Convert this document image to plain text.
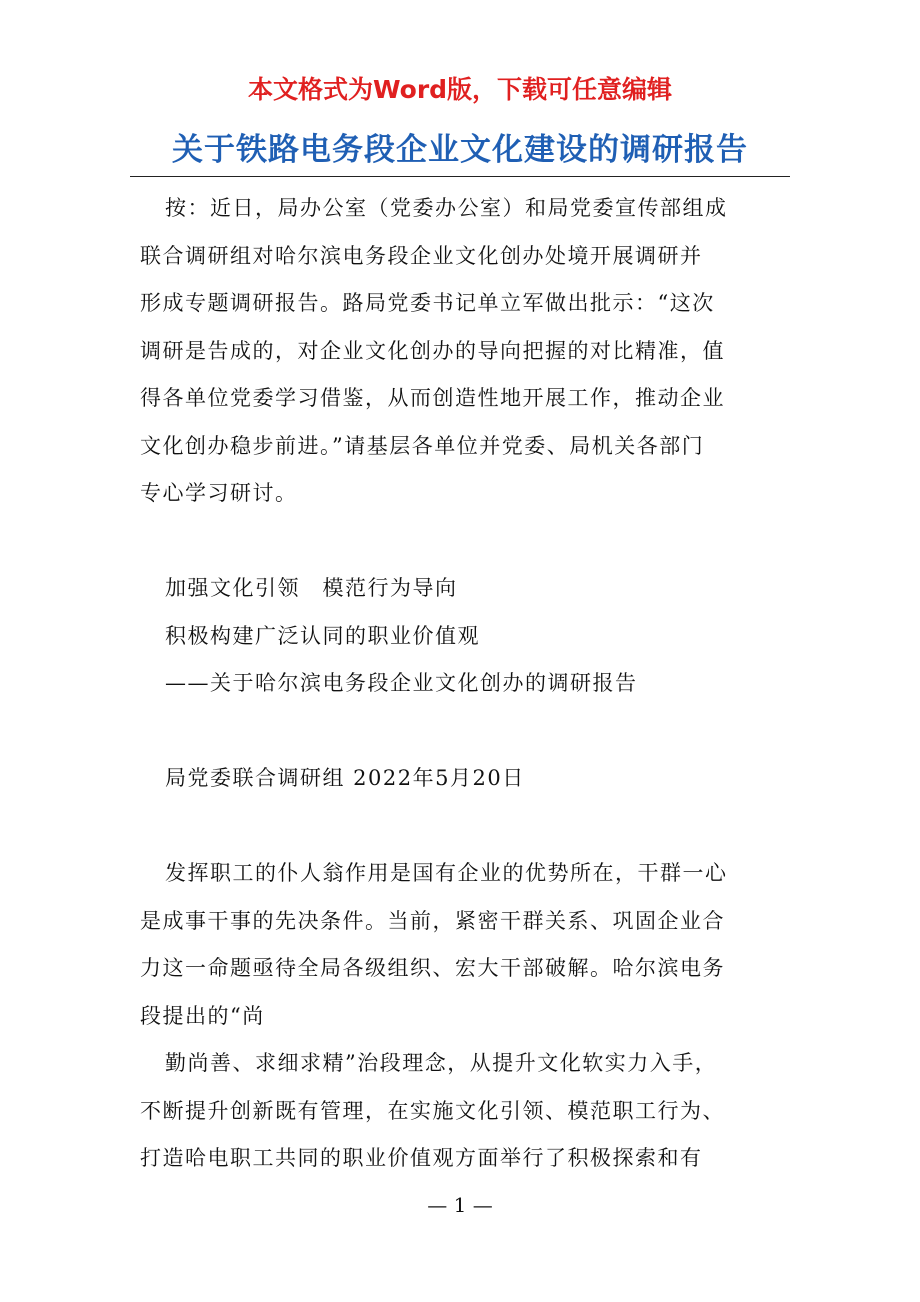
本文格式为Word版，下载可任意编辑
关于铁路电务段企业文化建设的调研报告

按：近日，局办公室（党委办公室）和局党委宣传部组成

联合调研组对哈尔滨电务段企业文化创办处境开展调研并

形成专题调研报告。路局党委书记单立军做出批示：“这次

调研是告成的，对企业文化创办的导向把握的对比精准，值

得各单位党委学习借鉴，从而创造性地开展工作，推动企业

文化创办稳步前进。”请基层各单位并党委、局机关各部门

专心学习研讨。

加强文化引领　模范行为导向

积极构建广泛认同的职业价值观

——关于哈尔滨电务段企业文化创办的调研报告

局党委联合调研组 2022年5月20日

发挥职工的仆人翁作用是国有企业的优势所在，干群一心

是成事干事的先决条件。当前，紧密干群关系、巩固企业合

力这一命题亟待全局各级组织、宏大干部破解。哈尔滨电务

段提出的“尚

勤尚善、求细求精”治段理念，从提升文化软实力入手，

不断提升创新既有管理，在实施文化引领、模范职工行为、

打造哈电职工共同的职业价值观方面举行了积极探索和有

— 1 —
